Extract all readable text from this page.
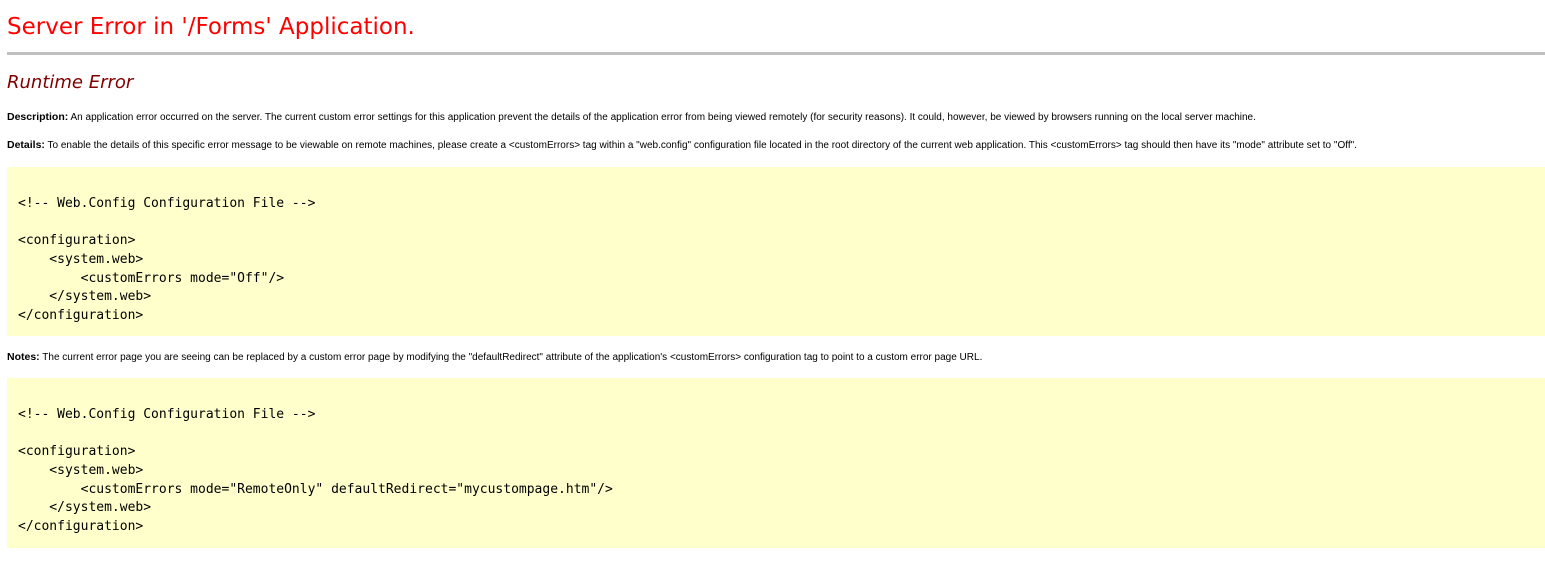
Server Error in '/Forms' Application.
Runtime Error

Description: An application error occurred on the server. The current custom error settings for this application prevent the details of the application error from being viewed remotely (for security reasons). It could, however, be viewed by browsers running on the local server machine.

Details: To enable the details of this specific error message to be viewable on remote machines, please create a <customErrors> tag within a "web.config" configuration file located in the root directory of the current web application. This <customErrors> tag should then have its "mode" attribute set to "Off".

<!-- Web.Config Configuration File -->
<configuration>
<system.web>
<customErrors mode="Off"/>
</system.web>
</configuration>

Notes: The current error page you are seeing can be replaced by a custom error page by modifying the "defaultRedirect" attribute of the application's <customErrors> configuration tag to point to a custom error page URL.

<!-- Web.Config Configuration File -->
<configuration>
<system.web>
<customErrors mode="RemoteOnly" defaultRedirect="mycustompage.htm"/>
</system.web>
</configuration>
